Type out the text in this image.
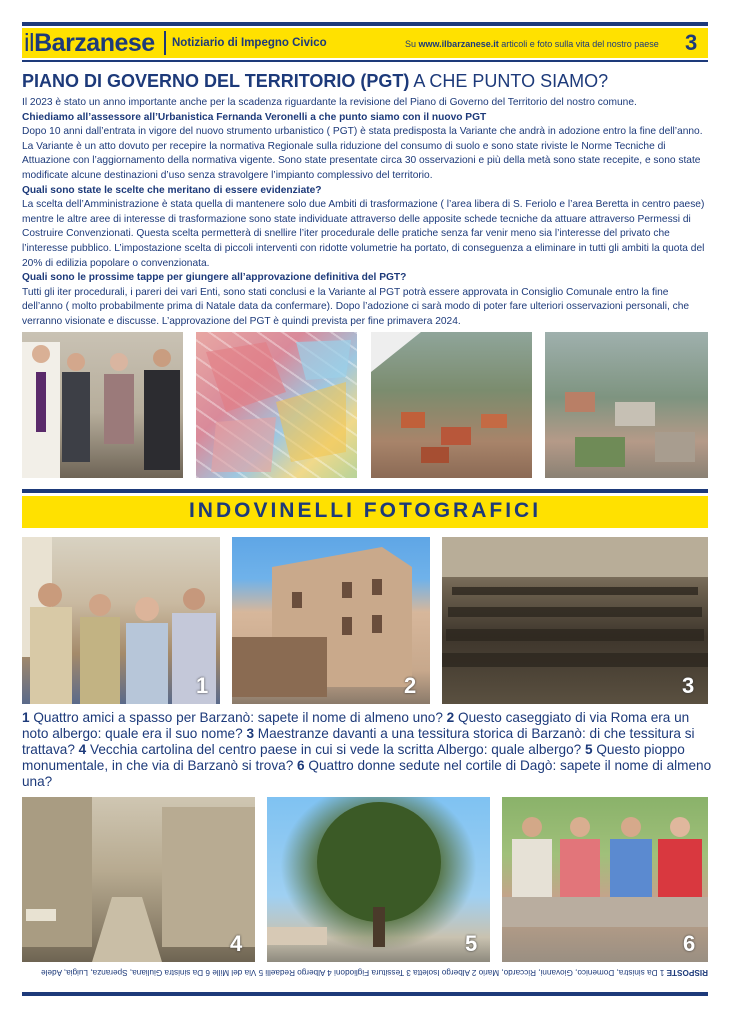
ilBarzanese Notiziario di Impegno Civico	Su www.ilbarzanese.it articoli e foto sulla vita del nostro paese 3
PIANO DI GOVERNO DEL TERRITORIO (PGT) A CHE PUNTO SIAMO?

Il 2023 è stato un anno importante anche per la scadenza riguardante la revisione del Piano di Governo del Territorio del nostro comune.

Chiediamo all’assessore all’Urbanistica Fernanda Veronelli a che punto siamo con il nuovo PGT

Dopo 10 anni dall’entrata in vigore del nuovo strumento urbanistico ( PGT) è stata predisposta la Variante che andrà in adozione entro la fine dell’anno. La Variante è un atto dovuto per recepire la normativa Regionale sulla riduzione del consumo di suolo e sono state riviste le Norme Tecniche di Attuazione con l’aggiornamento della normativa vigente. Sono state presentate circa 30 osservazioni e più della metà sono state recepite, e sono state modificate alcune destinazioni d’uso senza stravolgere l’impianto complessivo del territorio.

Quali sono state le scelte che meritano di essere evidenziate?

La scelta dell’Amministrazione è stata quella di mantenere solo due Ambiti di trasformazione ( l’area libera di S. Feriolo e l’area Beretta in centro paese) mentre le altre aree di interesse di trasformazione sono state individuate attraverso delle apposite schede tecniche da attuare attraverso Permessi di Costruire Convenzionati. Questa scelta permetterà di snellire l’iter procedurale delle pratiche senza far venir meno sia l’interesse del privato che l’interesse pubblico. L’impostazione scelta di piccoli interventi con ridotte volumetrie ha portato, di conseguenza a eliminare in tutti gli ambiti la quota del 20% di edilizia popolare o convenzionata.

Quali sono le prossime tappe per giungere all’approvazione definitiva del PGT?

Tutti gli iter procedurali, i pareri dei vari Enti, sono stati conclusi e la Variante al PGT potrà essere approvata in Consiglio Comunale entro la fine dell’anno ( molto probabilmente prima di Natale data da confermare). Dopo l’adozione ci sarà modo di poter fare ulteriori osservazioni personali, che verranno visionate e discusse. L’approvazione del PGT è quindi prevista per fine primavera 2024.

INDOVINELLI FOTOGRAFICI
1	2	3
1 Quattro amici a spasso per Barzanò: sapete il nome di almeno uno? 2 Questo caseggiato di via Roma era un noto albergo: quale era il suo nome? 3 Maestranze davanti a una tessitura storica di Barzanò: di che tessitura si trattava? 4 Vecchia cartolina del centro paese in cui si vede la scritta Albergo: quale albergo? 5 Questo pioppo monumentale, in che via di Barzanò si trova? 6 Quattro donne sedute nel cortile di Dagò: sapete il nome di almeno una?
4	5	6
RISPOSTE 1 Da sinistra, Domenico, Giovanni, Riccardo, Mario 2 Albergo Isoletta 3 Tessitura Figliodoni 4 Albergo Redaelli 5 Via del Mille 6 Da sinistra Giuliana, Speranza, Luigia, Adele
